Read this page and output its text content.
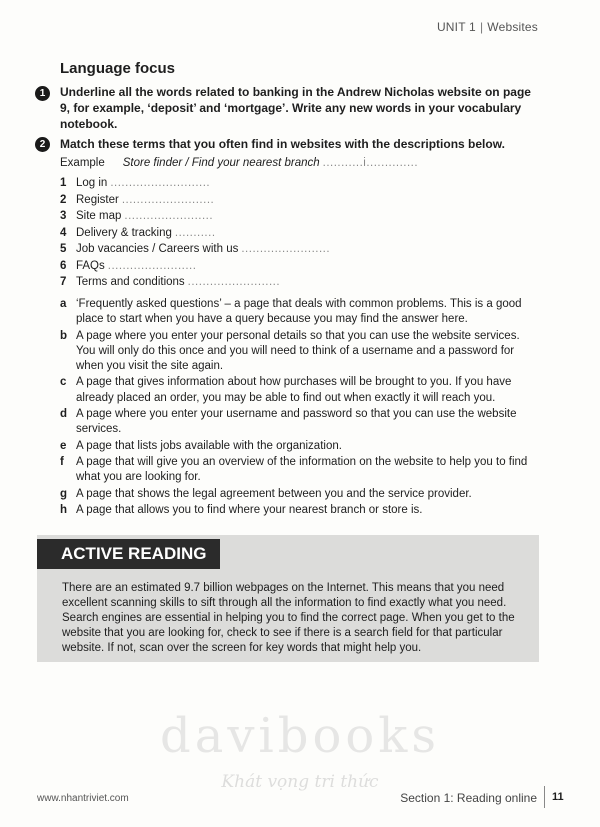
UNIT 1 | Websites
Language focus
1	Underline all the words related to banking in the Andrew Nicholas website on page 9, for example, ‘deposit’ and ‘mortgage’. Write any new words in your vocabulary notebook.
2	Match these terms that you often find in websites with the descriptions below.
Example Store finder / Find your nearest branch ...........i..............
1 Log in ...........................
2 Register .........................
3 Site map ........................
4 Delivery & tracking ...........
5 Job vacancies / Careers with us ........................
6 FAQs ........................
7 Terms and conditions .........................
a ‘Frequently asked questions’ – a page that deals with common problems. This is a good place to start when you have a query because you may find the answer here.
b A page where you enter your personal details so that you can use the website services. You will only do this once and you will need to think of a username and a password for when you visit the site again.
c A page that gives information about how purchases will be brought to you. If you have already placed an order, you may be able to find out when exactly it will reach you.
d A page where you enter your username and password so that you can use the website services.
e A page that lists jobs available with the organization.
f	A page that will give you an overview of the information on the website to help you to find what you are looking for.
g A page that shows the legal agreement between you and the service provider.
h A page that allows you to find where your nearest branch or store is.
ACTIVE READING
There are an estimated 9.7 billion webpages on the Internet. This means that you need excellent scanning skills to sift through all the information to find exactly what you need. Search engines are essential in helping you to find the correct page. When you get to the website that you are looking for, check to see if there is a search field for that particular website. If not, scan over the screen for key words that might help you.
davibooks
Khát vọng tri thức
www.nhantriviet.com	Section 1: Reading online 11
